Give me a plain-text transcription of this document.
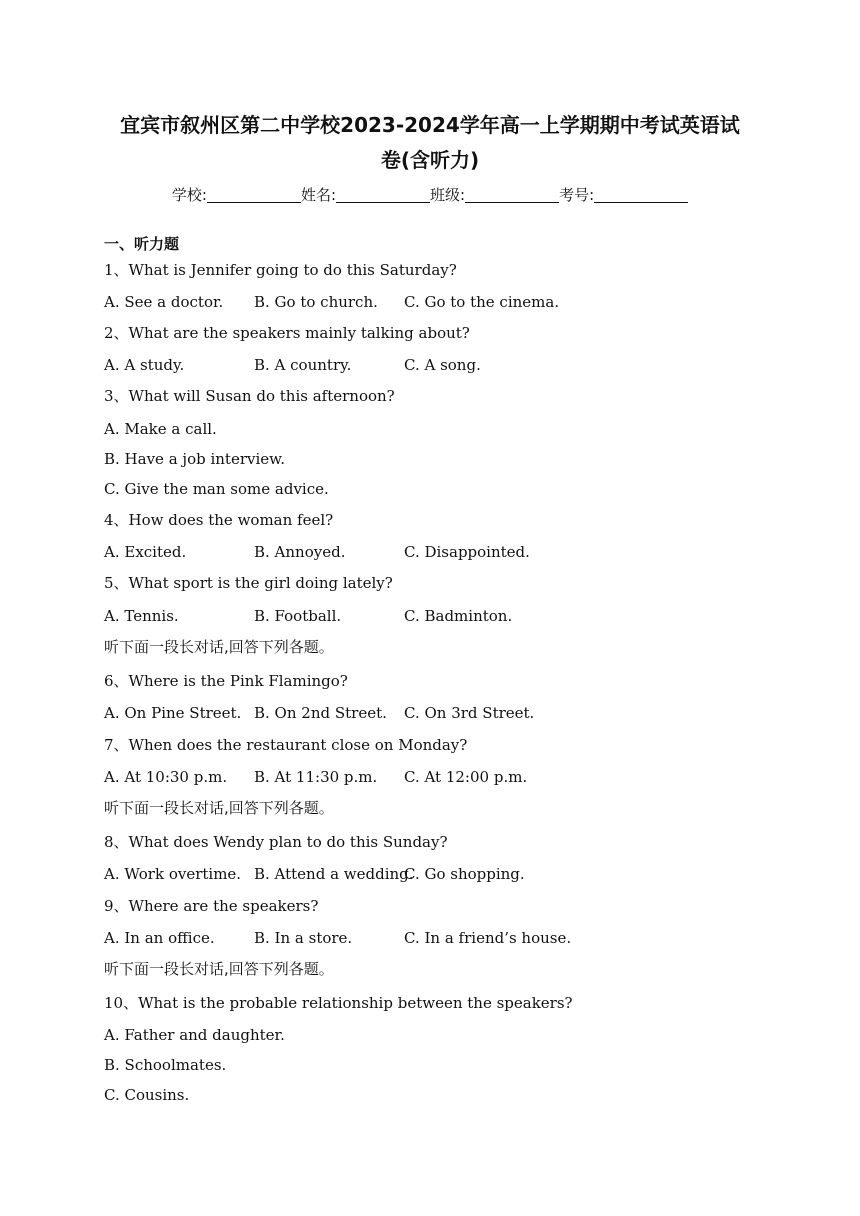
宜宾市叙州区第二中学校2023-2024学年高一上学期期中考试英语试
卷(含听力)
学校:	姓名:	班级:	考号:
一、听力题
1、What is Jennifer going to do this Saturday?
A. See a doctor. B. Go to church. C. Go to the cinema.
2、What are the speakers mainly talking about?
A. A study.	B. A country.	C. A song.
3、What will Susan do this afternoon?
A. Make a call.
B. Have a job interview.
C. Give the man some advice.
4、How does the woman feel?
A. Excited.	B. Annoyed.	C. Disappointed.
5、What sport is the girl doing lately?
A. Tennis.	B. Football.	C. Badminton.
听下面一段长对话,回答下列各题。
6、Where is the Pink Flamingo?
A. On Pine Street. B. On 2nd Street. C. On 3rd Street.
7、When does the restaurant close on Monday?
A. At 10:30 p.m. B. At 11:30 p.m. C. At 12:00 p.m.
听下面一段长对话,回答下列各题。
8、What does Wendy plan to do this Sunday?
A. Work overtime. B. Attend a wedding.
C. Go shopping.
9、Where are the speakers?
A. In an office.	B. In a store.	C. In a friend’s house.
听下面一段长对话,回答下列各题。
10、What is the probable relationship between the speakers?
A. Father and daughter.
B. Schoolmates.
C. Cousins.
